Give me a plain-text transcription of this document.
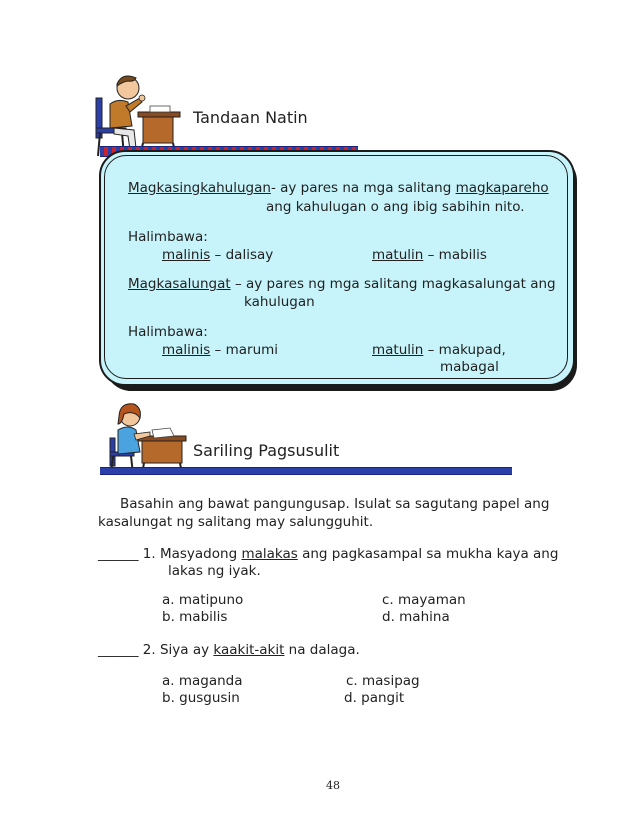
Tandaan Natin
Magkasingkahulugan- ay pares na mga salitang magkapareho
ang kahulugan o ang ibig sabihin nito.
Halimbawa:
malinis – dalisay	matulin – mabilis
Magkasalungat – ay pares ng mga salitang magkasalungat ang
kahulugan
Halimbawa:
malinis – marumi	matulin – makupad,
mabagal
Sariling Pagsusulit
Basahin ang bawat pangungusap. Isulat sa sagutang papel ang
kasalungat ng salitang may salungguhit.
______ 1. Masyadong malakas ang pagkasampal sa mukha kaya ang
lakas ng iyak.
a. matipuno
b. mabilis
c. mayaman
d. mahina
______ 2. Siya ay kaakit-akit na dalaga.
a. maganda
b. gusgusin
c. masipag
d. pangit
48
